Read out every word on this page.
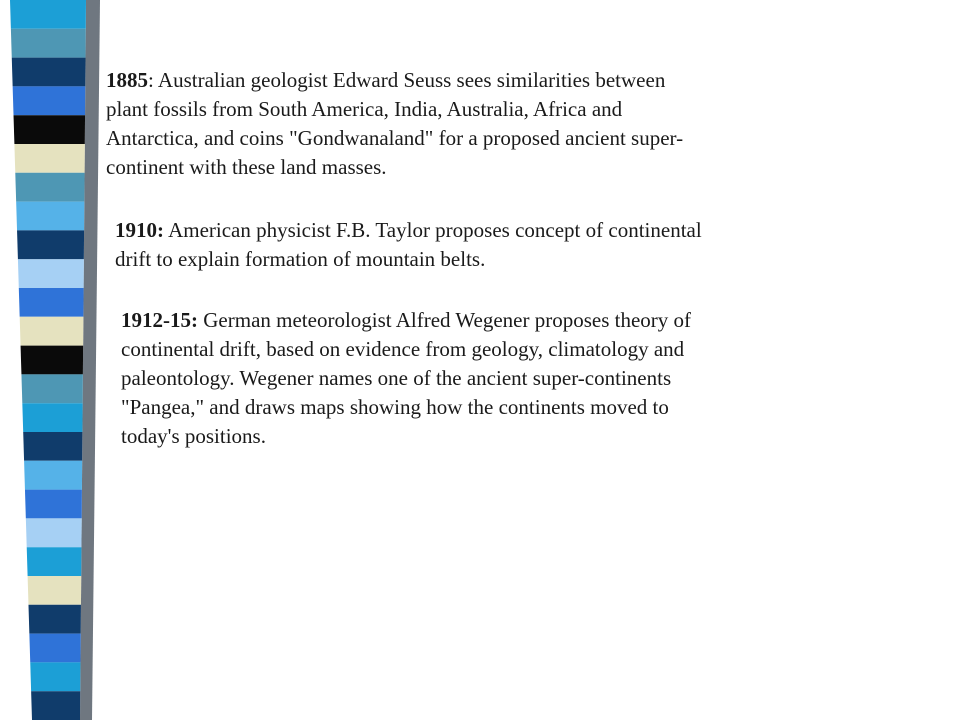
1885: Australian geologist Edward Seuss sees similarities between
plant fossils from South America, India, Australia, Africa and
Antarctica, and coins "Gondwanaland" for a proposed ancient super-
continent with these land masses.

1910: American physicist F.B. Taylor proposes concept of continental
drift to explain formation of mountain belts.

1912-15: German meteorologist Alfred Wegener proposes theory of
continental drift, based on evidence from geology, climatology and
paleontology. Wegener names one of the ancient super-continents
"Pangea," and draws maps showing how the continents moved to
today's positions.
